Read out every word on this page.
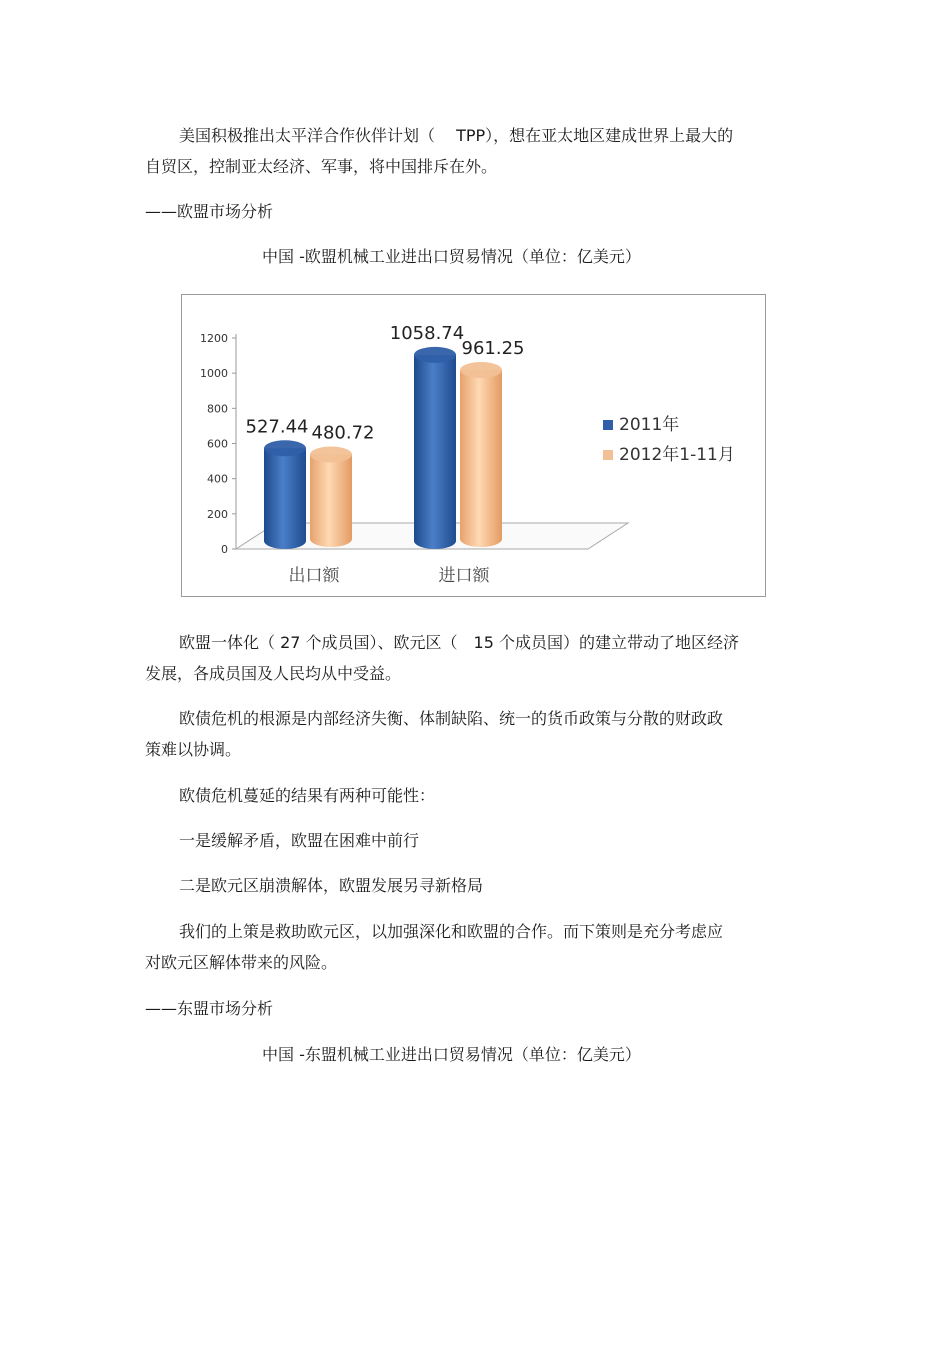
美国积极推出太平洋合作伙伴计划（　 TPP），想在亚太地区建成世界上最大的
自贸区，控制亚太经济、军事，将中国排斥在外。
——欧盟市场分析
中国 -欧盟机械工业进出口贸易情况（单位：亿美元）
0
200
400
600
800
1000
1200
527.44 480.72
出口额
1058.74
961.25
进口额
2011年
2012年1-11月
欧盟一体化（ 27 个成员国）、欧元区（　15 个成员国）的建立带动了地区经济
发展，各成员国及人民均从中受益。
欧债危机的根源是内部经济失衡、体制缺陷、统一的货币政策与分散的财政政
策难以协调。
欧债危机蔓延的结果有两种可能性：
一是缓解矛盾，欧盟在困难中前行
二是欧元区崩溃解体，欧盟发展另寻新格局
我们的上策是救助欧元区，以加强深化和欧盟的合作。而下策则是充分考虑应
对欧元区解体带来的风险。
——东盟市场分析
中国 -东盟机械工业进出口贸易情况（单位：亿美元）
